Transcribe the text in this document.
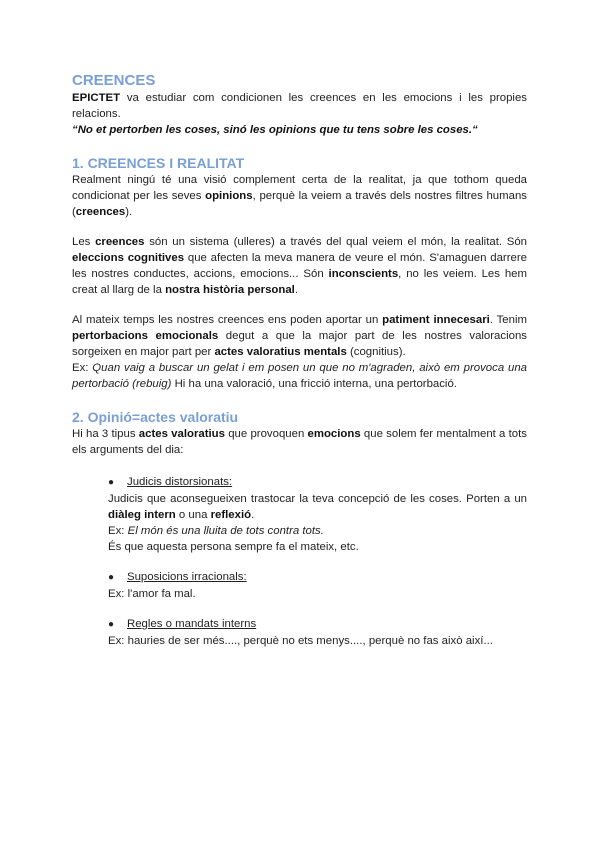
CREENCES

EPICTET va estudiar com condicionen les creences en les emocions i les propies relacions.

“No et pertorben les coses, sinó les opinions que tu tens sobre les coses.“

1. CREENCES I REALITAT

Realment ningú té una visió complement certa de la realitat, ja que tothom queda condicionat per les seves opinions, perquè la veiem a través dels nostres filtres humans (creences).

Les creences són un sistema (ulleres) a través del qual veiem el món, la realitat. Són eleccions cognitives que afecten la meva manera de veure el món. S'amaguen darrere les nostres conductes, accions, emocions... Són inconscients, no les veiem. Les hem creat al llarg de la nostra història personal.

Al mateix temps les nostres creences ens poden aportar un patiment innecesari. Tenim pertorbacions emocionals degut a que la major part de les nostres valoracions sorgeixen en major part per actes valoratius mentals (cognitius).

Ex: Quan vaig a buscar un gelat i em posen un que no m'agraden, això em provoca una pertorbació (rebuig) Hi ha una valoració, una fricció interna, una pertorbació.

2. Opinió=actes valoratiu

Hi ha 3 tipus actes valoratius que provoquen emocions que solem fer mentalment a tots els arguments del dia:

●	Judicis distorsionats:

Judicis que aconsegueixen trastocar la teva concepció de les coses. Porten a un diàleg intern o una reflexió.

Ex: El món és una lluita de tots contra tots.

És que aquesta persona sempre fa el mateix, etc.

●	Suposicions irracionals:

Ex: l'amor fa mal.

●	Regles o mandats interns

Ex: hauries de ser més...., perquè no ets menys...., perquè no fas això així...
